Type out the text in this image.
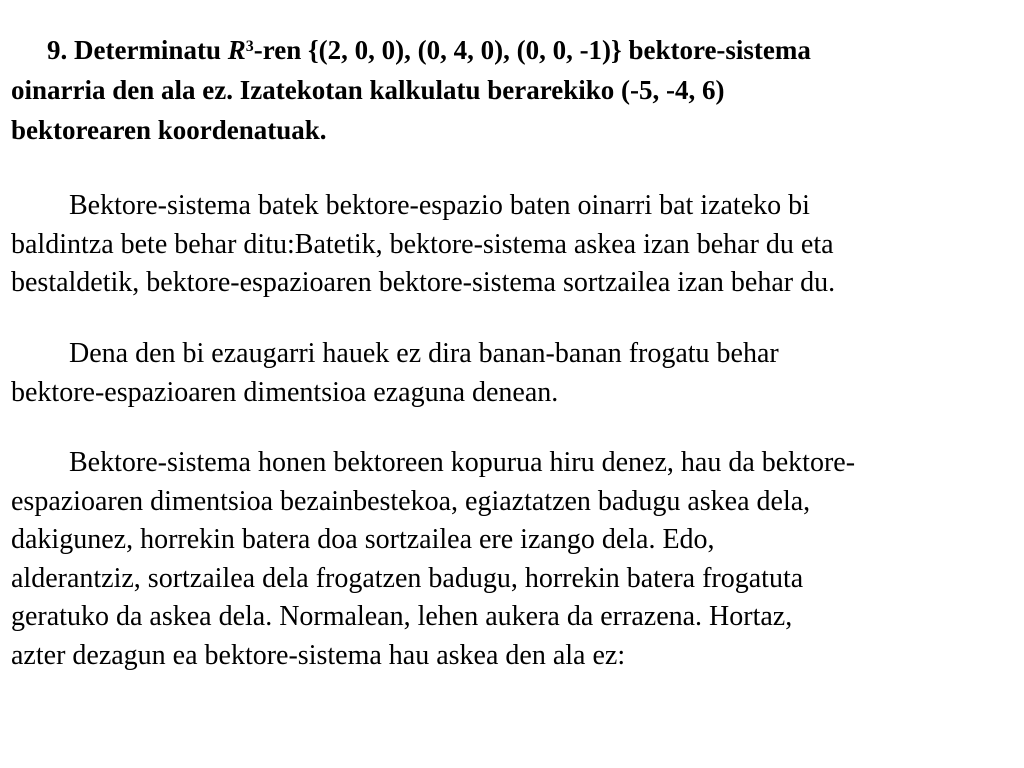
9. Determinatu $R^3$-ren {(2, 0, 0), (0, 4, 0), (0, 0, -1)} bektore-sistema
oinarria den ala ez. Izatekotan kalkulatu berarekiko (-5, -4, 6)
bektorearen koordenatuak.

Bektore-sistema batek bektore-espazio baten oinarri bat izateko bi
baldintza bete behar ditu:Batetik, bektore-sistema askea izan behar du eta
bestaldetik, bektore-espazioaren bektore-sistema sortzailea izan behar du.

Dena den bi ezaugarri hauek ez dira banan-banan frogatu behar
bektore-espazioaren dimentsioa ezaguna denean.

Bektore-sistema honen bektoreen kopurua hiru denez, hau da bektore-
espazioaren dimentsioa bezainbestekoa, egiaztatzen badugu askea dela,
dakigunez, horrekin batera doa sortzailea ere izango dela. Edo,
alderantziz, sortzailea dela frogatzen badugu, horrekin batera frogatuta
geratuko da askea dela. Normalean, lehen aukera da errazena. Hortaz,
azter dezagun ea bektore-sistema hau askea den ala ez:
